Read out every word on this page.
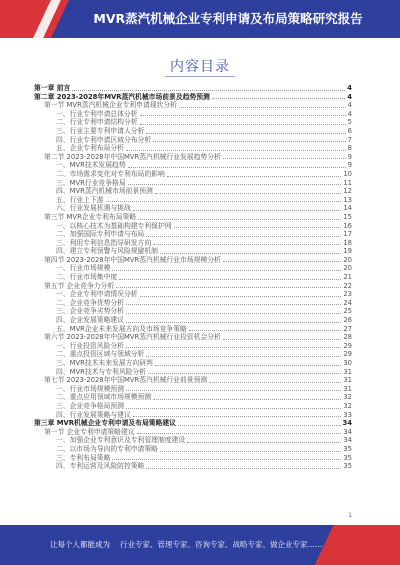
MVR蒸汽机械企业专利申请及布局策略研究报告
内容目录
第一章 前言	4
第二章 2023-2028年MVR蒸汽机械市场前景及趋势预测	4
第一节 MVR蒸汽机械企业专利申请现状分析	4
一、行业专利申请总体分析	4
二、行业专利申请结构分析	5
三、行业主要专利申请人分析	6
四、行业专利申请区域分布分析	7
五、企业专利布局分析	8
第二节 2023-2028年中国MVR蒸汽机械行业发展趋势分析	9
一、MVR技术发展趋势	9
二、市场需求变化对专利布局的影响	10
三、MVR行业竞争格局	11
四、MVR蒸汽机械市场前景预测	12
五、行业上下游	13
六、行业发展机遇与挑战	14
第三节 MVR企业专利布局策略	15
一、以核心技术为基础构建专利保护网	16
二、加强国际专利申请与布局	17
三、利用专利信息指导研发方向	18
四、建立专利预警与风险规避机制	19
第四节 2023-2028年中国MVR蒸汽机械行业市场规模分析	20
一、行业市场规模	20
二、行业市场集中度	21
第五节 企业竞争力分析	22
一、企业专利申请情况分析	23
二、企业竞争优势分析	24
三、企业竞争劣势分析	25
四、企业发展策略建议	26
五、MVR企业未来发展方向及市场竞争策略	27
第六节 2023-2028年中国MVR蒸汽机械行业投资机会分析	28
一、行业投资风险分析	29
二、重点投资区域与领域分析	29
三、MVR技术未来发展方向研判	30
四、MVR技术与专利风险分析	31
第七节 2023-2028年中国MVR蒸汽机械行业前景预测	31
一、行业市场规模预测	31
二、重点应用领域市场规模预测	32
三、企业竞争格局预测	32
四、行业发展策略与建议	33
第三章 MVR机械企业专利申请及布局策略建议	34
第一节 企业专利申请策略建议	34
一、加强企业专利意识及专利管理制度建设	34
二、以市场为导向的专利申请策略	35
三、专利布局策略	35
四、专利运营及风险防控策略	35
1
让每个人都能成为 行业专家、管理专家、咨询专家、战略专家、做企业专家……
